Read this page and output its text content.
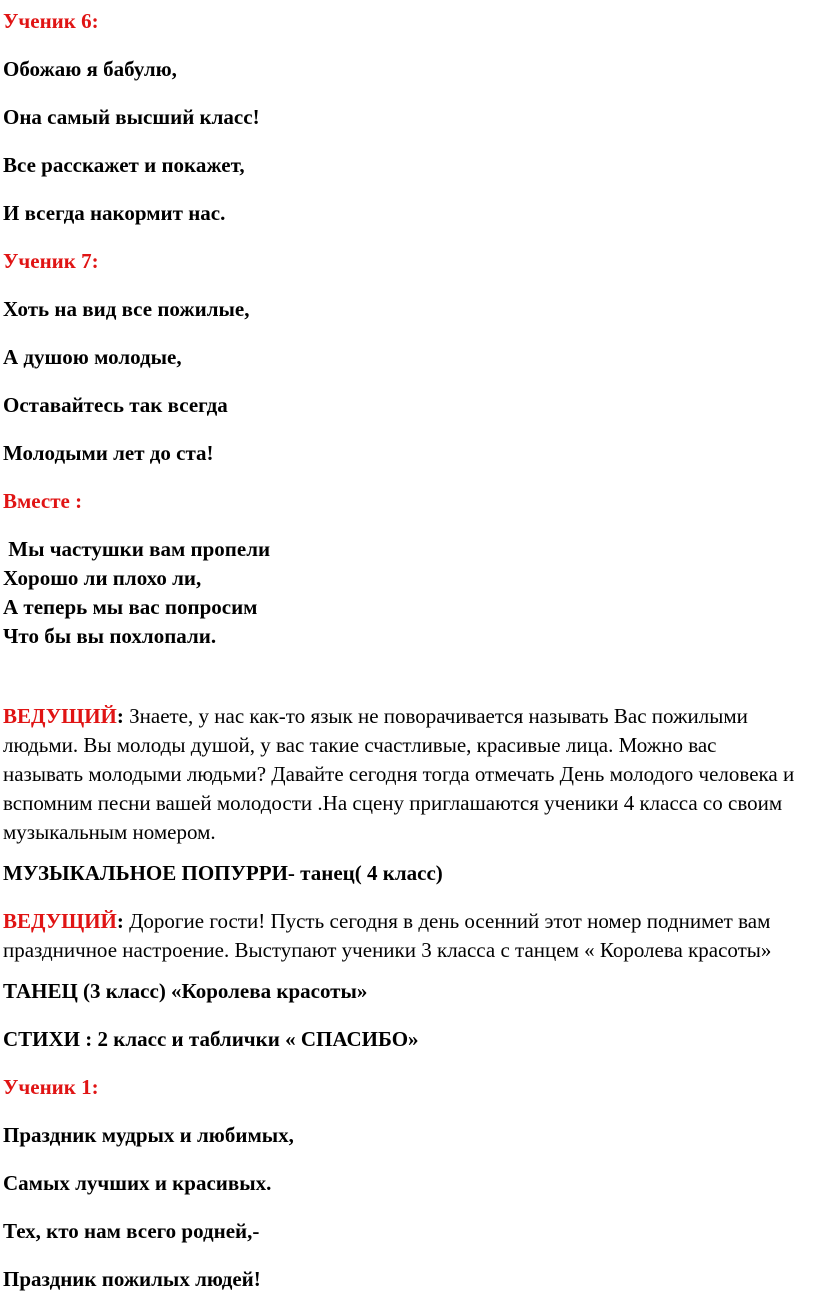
Ученик 6:

Обожаю я бабулю,

Она самый высший класс!

Все расскажет и покажет,

И всегда накормит нас.

Ученик 7:

Хоть на вид все пожилые,

А душою молодые,

Оставайтесь так всегда

Молодыми лет до ста!

Вместе :

Мы частушки вам пропели
Хорошо ли плохо ли,
А теперь мы вас попросим
Что бы вы похлопали.

ВЕДУЩИЙ: Знаете, у нас как-то язык не поворачивается называть Вас пожилыми людьми. Вы молоды душой, у вас такие счастливые, красивые лица. Можно вас называть молодыми людьми? Давайте сегодня тогда отмечать День молодого человека и вспомним песни вашей молодости .На сцену приглашаются ученики 4 класса со своим музыкальным номером.

МУЗЫКАЛЬНОЕ ПОПУРРИ- танец( 4 класс)

ВЕДУЩИЙ: Дорогие гости! Пусть сегодня в день осенний этот номер поднимет вам праздничное настроение. Выступают ученики 3 класса с танцем « Королева красоты»

ТАНЕЦ (3 класс) «Королева красоты»

СТИХИ : 2 класс и таблички « СПАСИБО»

Ученик 1:

Праздник мудрых и любимых,

Самых лучших и красивых.

Тех, кто нам всего родней,-

Праздник пожилых людей!
